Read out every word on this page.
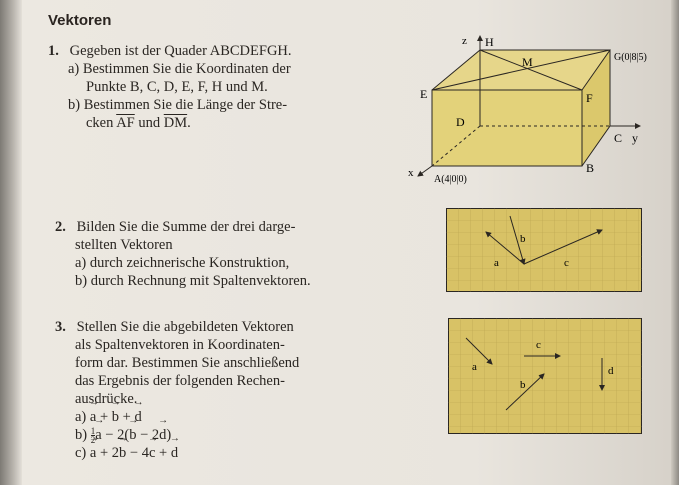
Vektoren
1. Gegeben ist der Quader ABCDEFGH.
a) Bestimmen Sie die Koordinaten der
Punkte B, C, D, E, F, H und M.
b) Bestimmen Sie die Länge der Stre-
cken $\overline{AF}$ und $\overline{DM}$.
2. Bilden Sie die Summe der drei darge-
stellten Vektoren
a) durch zeichnerische Konstruktion,
b) durch Rechnung mit Spaltenvektoren.
3. Stellen Sie die abgebildeten Vektoren
als Spaltenvektoren in Koordinaten-
form dar. Bestimmen Sie anschließend
das Ergebnis der folgenden Rechen-
ausdrücke.
a) → a + → b + → d
$b) \frac{1}{2} \to a - 2(\to b - 2\to d)$
c) → a + 2→ b − 4→ c + → d
z H
M	G(0|8|5)
E	F
D
C y
B
x
A(4|0|0)
a
b
c
a
b
c
d
